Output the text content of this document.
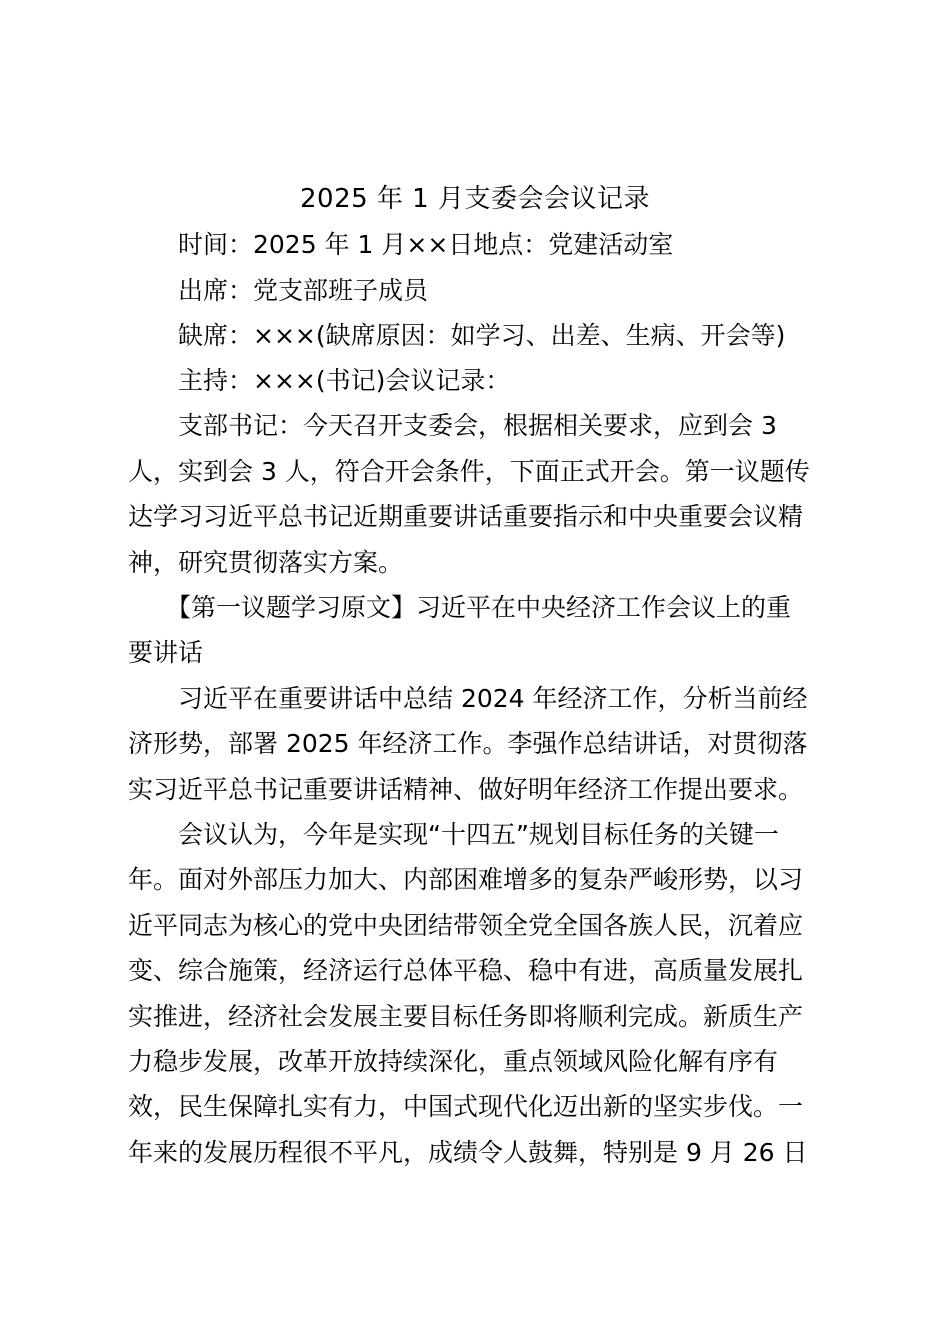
2025 年 1 月支委会会议记录

时间：2025 年 1 月××日地点：党建活动室

出席：党支部班子成员

缺席：×××(缺席原因：如学习、出差、生病、开会等)

主持：×××(书记)会议记录：

支部书记：今天召开支委会，根据相关要求，应到会 3

人，实到会 3 人，符合开会条件，下面正式开会。第一议题传

达学习习近平总书记近期重要讲话重要指示和中央重要会议精

神，研究贯彻落实方案。

【第一议题学习原文】习近平在中央经济工作会议上的重

要讲话

习近平在重要讲话中总结 2024 年经济工作，分析当前经

济形势，部署 2025 年经济工作。李强作总结讲话，对贯彻落

实习近平总书记重要讲话精神、做好明年经济工作提出要求。

会议认为，今年是实现“十四五”规划目标任务的关键一

年。面对外部压力加大、内部困难增多的复杂严峻形势，以习

近平同志为核心的党中央团结带领全党全国各族人民，沉着应

变、综合施策，经济运行总体平稳、稳中有进，高质量发展扎

实推进，经济社会发展主要目标任务即将顺利完成。新质生产

力稳步发展，改革开放持续深化，重点领域风险化解有序有

效，民生保障扎实有力，中国式现代化迈出新的坚实步伐。一

年来的发展历程很不平凡，成绩令人鼓舞，特别是 9 月 26 日
